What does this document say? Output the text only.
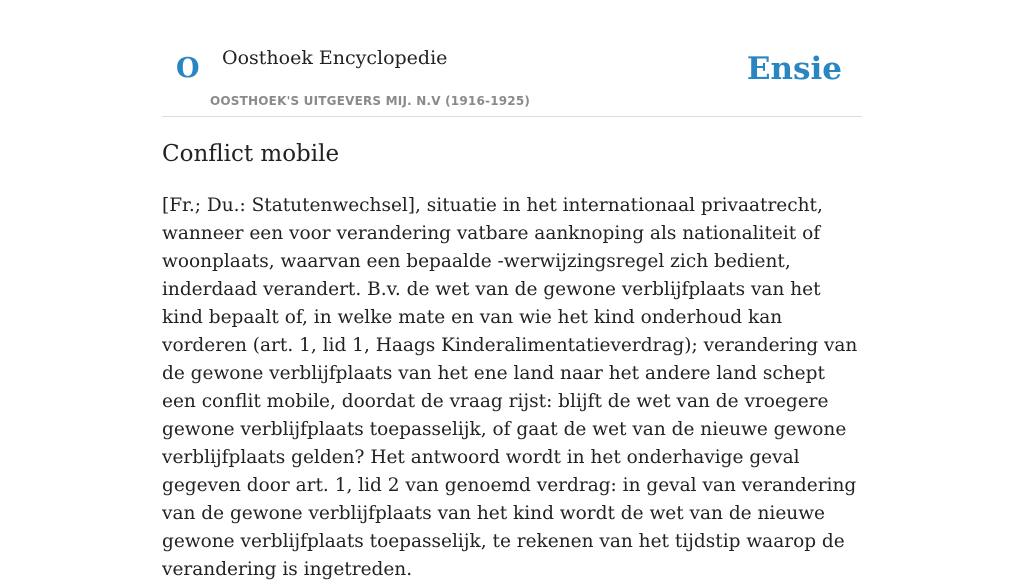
O Oosthoek Encyclopedie
OOSTHOEK'S UITGEVERS MIJ. N.V (1916-1925)
Ensie
Conflict mobile

[Fr.; Du.: Statutenwechsel], situatie in het internationaal privaatrecht, wanneer een voor verandering vatbare aanknoping als nationaliteit of woonplaats, waarvan een bepaalde -werwijzingsregel zich bedient, inderdaad verandert. B.v. de wet van de gewone verblijfplaats van het kind bepaalt of, in welke mate en van wie het kind onderhoud kan vorderen (art. 1, lid 1, Haags Kinderalimentatieverdrag); verandering van de gewone verblijfplaats van het ene land naar het andere land schept een conflit mobile, doordat de vraag rijst: blijft de wet van de vroegere gewone verblijfplaats toepasselijk, of gaat de wet van de nieuwe gewone verblijfplaats gelden? Het antwoord wordt in het onderhavige geval gegeven door art. 1, lid 2 van genoemd verdrag: in geval van verandering van de gewone verblijfplaats van het kind wordt de wet van de nieuwe gewone verblijfplaats toepasselijk, te rekenen van het tijdstip waarop de verandering is ingetreden.
